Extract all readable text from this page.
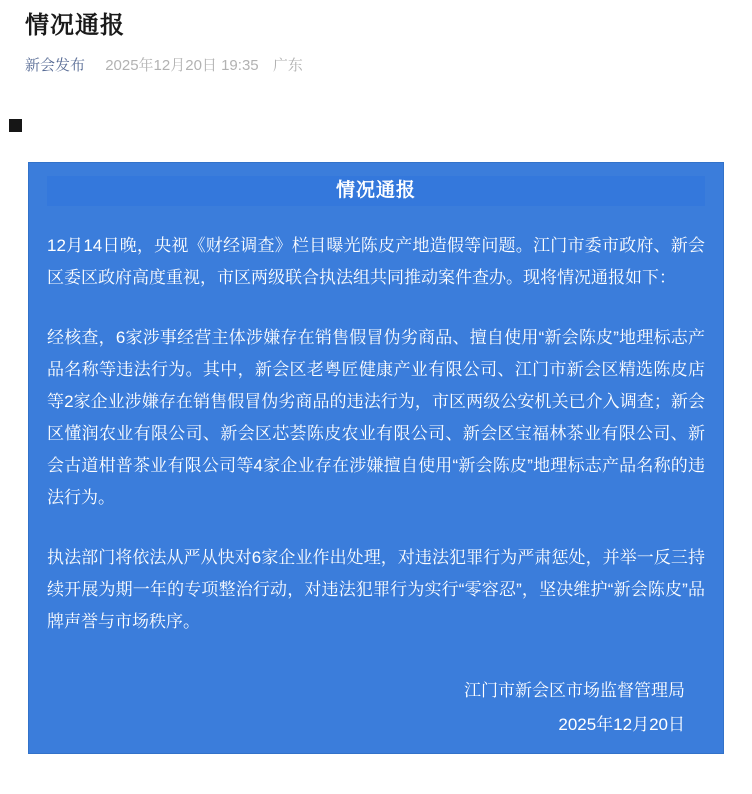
情况通报
新会发布 2025年12月20日 19:35 广东
情况通报

12月14日晚，央视《财经调查》栏目曝光陈皮产地造假等问题。江门市委市政府、新会区委区政府高度重视，市区两级联合执法组共同推动案件查办。现将情况通报如下：

经核查，6家涉事经营主体涉嫌存在销售假冒伪劣商品、擅自使用“新会陈皮”地理标志产品名称等违法行为。其中，新会区老粤匠健康产业有限公司、江门市新会区精选陈皮店等2家企业涉嫌存在销售假冒伪劣商品的违法行为，市区两级公安机关已介入调查；新会区懂润农业有限公司、新会区芯荟陈皮农业有限公司、新会区宝福林茶业有限公司、新会古道柑普茶业有限公司等4家企业存在涉嫌擅自使用“新会陈皮”地理标志产品名称的违法行为。

执法部门将依法从严从快对6家企业作出处理，对违法犯罪行为严肃惩处，并举一反三持续开展为期一年的专项整治行动，对违法犯罪行为实行“零容忍”，坚决维护“新会陈皮”品牌声誉与市场秩序。

江门市新会区市场监督管理局
2025年12月20日
